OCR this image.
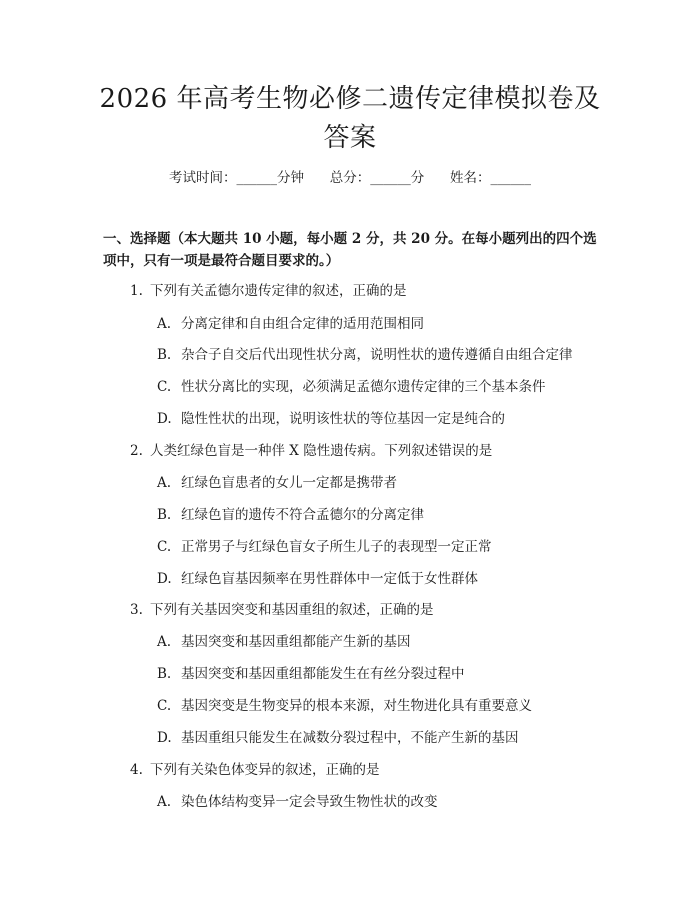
2026 年高考生物必修二遗传定律模拟卷及答案
考试时间：______分钟      总分：______分      姓名：______
一、选择题（本大题共 10 小题，每小题 2 分，共 20 分。在每小题列出的四个选项中，只有一项是最符合题目要求的。）
1. 下列有关孟德尔遗传定律的叙述，正确的是
A. 分离定律和自由组合定律的适用范围相同
B. 杂合子自交后代出现性状分离，说明性状的遗传遵循自由组合定律
C. 性状分离比的实现，必须满足孟德尔遗传定律的三个基本条件
D. 隐性性状的出现，说明该性状的等位基因一定是纯合的
2. 人类红绿色盲是一种伴 X 隐性遗传病。下列叙述错误的是
A. 红绿色盲患者的女儿一定都是携带者
B. 红绿色盲的遗传不符合孟德尔的分离定律
C. 正常男子与红绿色盲女子所生儿子的表现型一定正常
D. 红绿色盲基因频率在男性群体中一定低于女性群体
3. 下列有关基因突变和基因重组的叙述，正确的是
A. 基因突变和基因重组都能产生新的基因
B. 基因突变和基因重组都能发生在有丝分裂过程中
C. 基因突变是生物变异的根本来源，对生物进化具有重要意义
D. 基因重组只能发生在减数分裂过程中，不能产生新的基因
4. 下列有关染色体变异的叙述，正确的是
A. 染色体结构变异一定会导致生物性状的改变
